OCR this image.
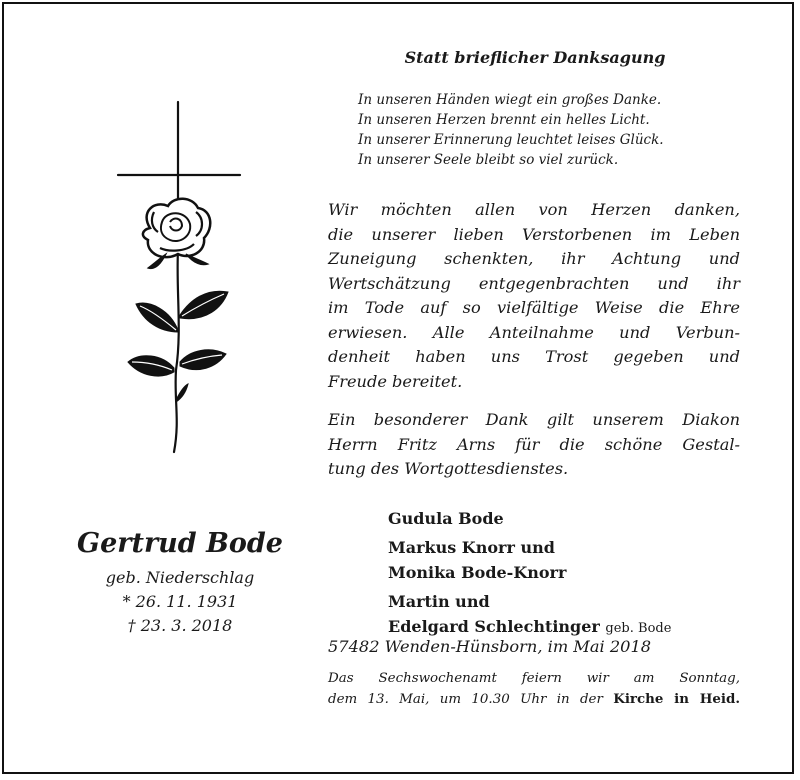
Statt brieflicher Danksagung
In unseren Händen wiegt ein großes Danke.
In unseren Herzen brennt ein helles Licht.
In unserer Erinnerung leuchtet leises Glück.
In unserer Seele bleibt so viel zurück.
Wir möchten allen von Herzen danken,
die unserer lieben Verstorbenen im Leben
Zuneigung schenkten, ihr Achtung und
Wertschätzung entgegenbrachten und ihr
im Tode auf so vielfältige Weise die Ehre
erwiesen. Alle Anteilnahme und Verbun-
denheit haben uns Trost gegeben und
Freude bereitet.
Ein besonderer Dank gilt unserem Diakon
Herrn Fritz Arns für die schöne Gestal-
tung des Wortgottesdienstes.
Gudula Bode
Markus Knorr und
Monika Bode-Knorr
Martin und
Edelgard Schlechtinger geb. Bode
Gertrud Bode
geb. Niederschlag
* 26. 11. 1931
† 23. 3. 2018
57482 Wenden-Hünsborn, im Mai 2018
Das Sechswochenamt feiern wir am Sonntag,
dem 13. Mai, um 10.30 Uhr in der Kirche in Heid.
